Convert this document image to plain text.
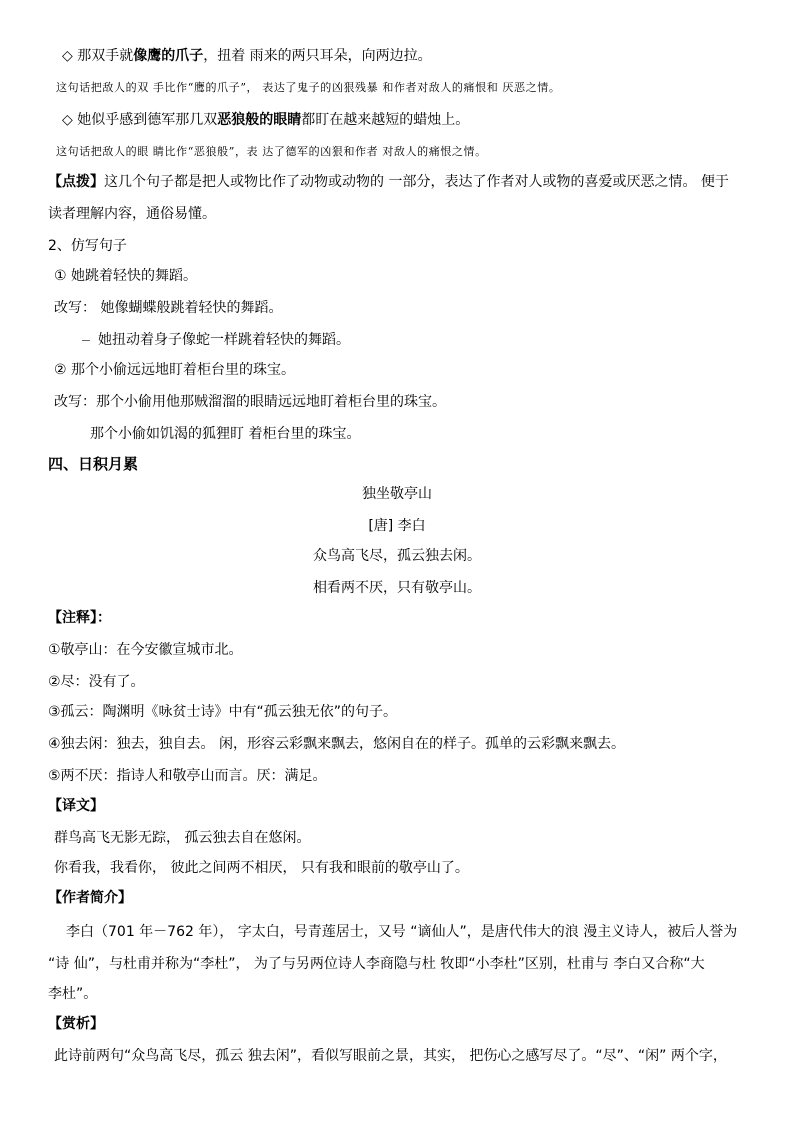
◇ 那双手就像鹰的爪子，扭着 雨来的两只耳朵，向两边拉。
这句话把敌人的双 手比作“鹰的爪子”， 表达了鬼子的凶狠残暴 和作者对敌人的痛恨和 厌恶之情。
◇ 她似乎感到德军那几双恶狼般的眼睛都盯在越来越短的蜡烛上。
这句话把敌人的眼 睛比作“恶狼般”，表 达了德军的凶狠和作者 对敌人的痛恨之情。
【点拨】这几个句子都是把人或物比作了动物或动物的 一部分，表达了作者对人或物的喜爱或厌恶之情。 便于
读者理解内容，通俗易懂。
2、仿写句子
① 她跳着轻快的舞蹈。
改写： 她像蝴蝶般跳着轻快的舞蹈。
她扭动着身子像蛇一样跳着轻快的舞蹈。
② 那个小偷远远地盯着柜台里的珠宝。
改写：那个小偷用他那贼溜溜的眼睛远远地盯着柜台里的珠宝。
那个小偷如饥渴的狐狸盯 着柜台里的珠宝。
四、日积月累
独坐敬亭山
[唐] 李白
众鸟高飞尽，孤云独去闲。
相看两不厌，只有敬亭山。
【注释】：
①敬亭山：在今安徽宣城市北。
②尽：没有了。
③孤云：陶渊明《咏贫士诗》中有“孤云独无依”的句子。
④独去闲：独去，独自去。 闲，形容云彩飘来飘去，悠闲自在的样子。孤单的云彩飘来飘去。
⑤两不厌：指诗人和敬亭山而言。厌：满足。
【译文】
群鸟高飞无影无踪， 孤云独去自在悠闲。
你看我，我看你， 彼此之间两不相厌， 只有我和眼前的敬亭山了。
【作者简介】
李白（701 年－762 年）， 字太白，号青莲居士，又号 “谪仙人”，是唐代伟大的浪 漫主义诗人，被后人誉为
“诗 仙”，与杜甫并称为“李杜”， 为了与另两位诗人李商隐与杜 牧即“小李杜”区别，杜甫与 李白又合称“大
李杜”。
【赏析】
此诗前两句“众鸟高飞尽，孤云 独去闲”，看似写眼前之景，其实， 把伤心之感写尽了。“尽”、“闲” 两个字，
